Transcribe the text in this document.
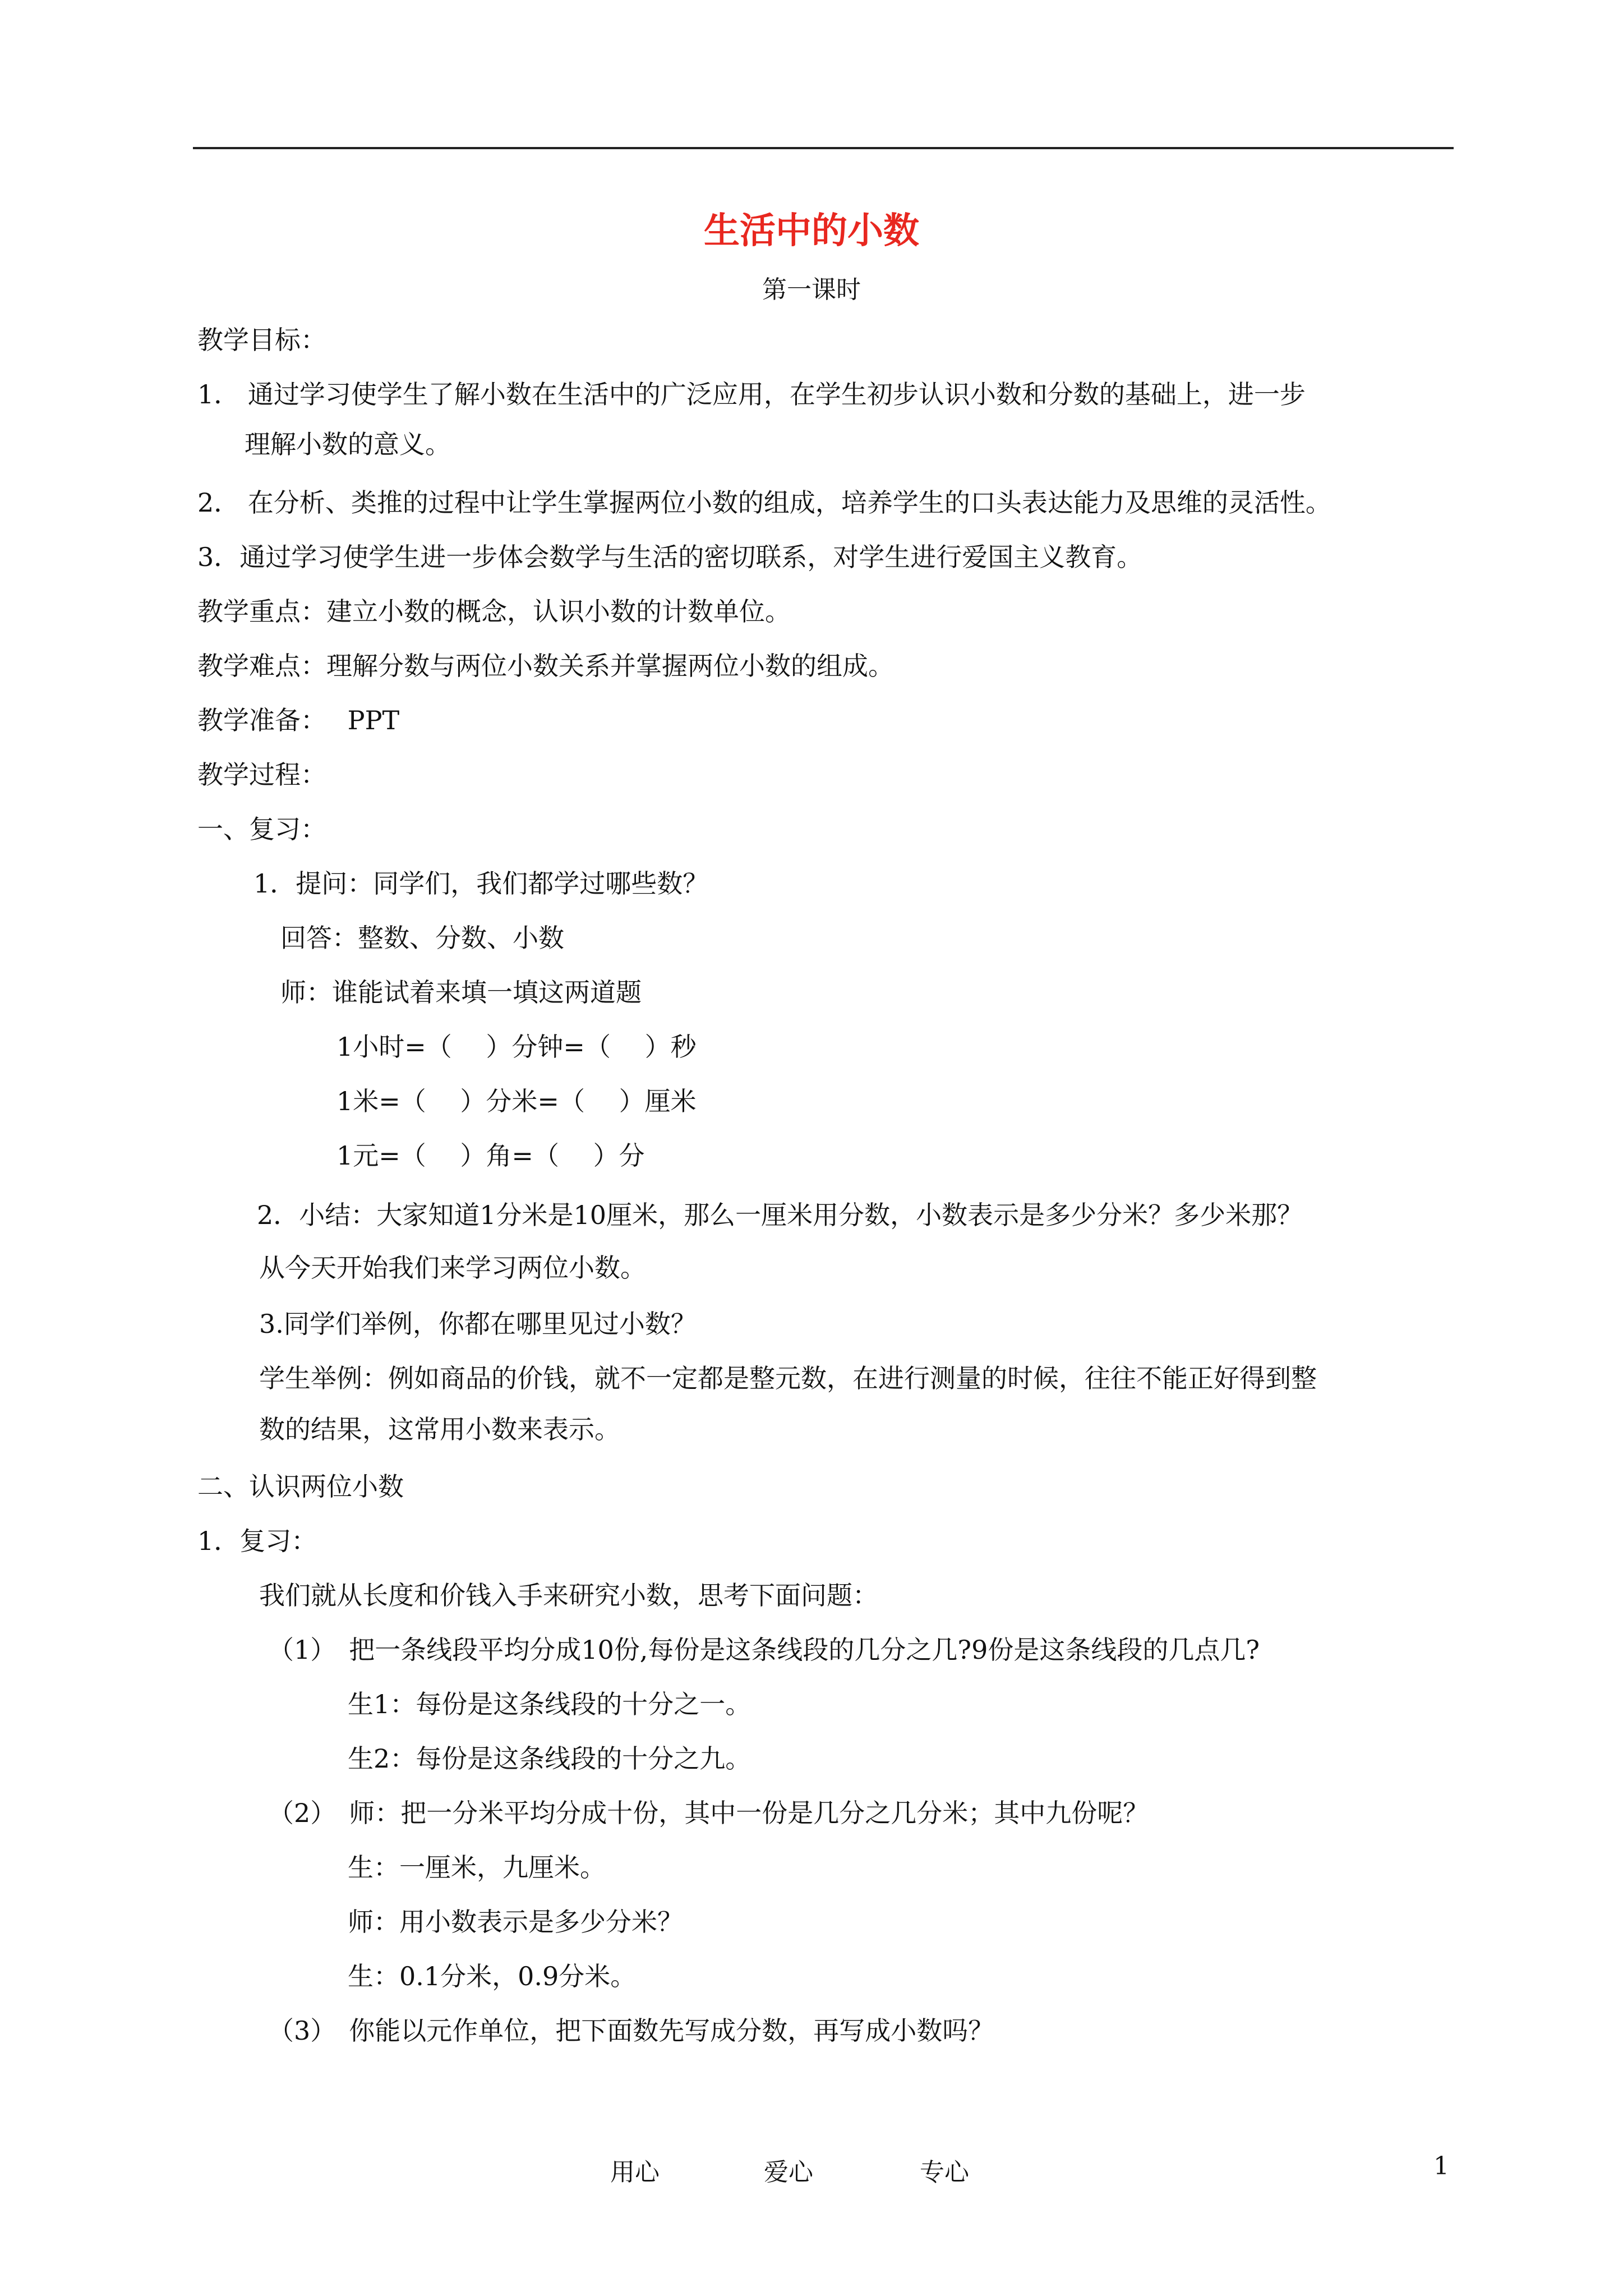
生活中的小数
第一课时
教学目标：
1． 通过学习使学生了解小数在生活中的广泛应用，在学生初步认识小数和分数的基础上，进一步
理解小数的意义。
2． 在分析、类推的过程中让学生掌握两位小数的组成，培养学生的口头表达能力及思维的灵活性。
3．通过学习使学生进一步体会数学与生活的密切联系，对学生进行爱国主义教育。
教学重点：建立小数的概念，认识小数的计数单位。
教学难点：理解分数与两位小数关系并掌握两位小数的组成。
教学准备：　 PPT
教学过程：
一、复习：
1．提问：同学们，我们都学过哪些数？
回答：整数、分数、小数
师：谁能试着来填一填这两道题
1小时=（　 ）分钟=（　 ）秒
1米=（　 ）分米=（　 ）厘米
1元=（　 ）角=（　 ）分
2．小结：大家知道1分米是10厘米，那么一厘米用分数，小数表示是多少分米？多少米那？
从今天开始我们来学习两位小数。
3.同学们举例，你都在哪里见过小数？
学生举例：例如商品的价钱，就不一定都是整元数，在进行测量的时候，往往不能正好得到整
数的结果，这常用小数来表示。
二、认识两位小数
1．复习：
我们就从长度和价钱入手来研究小数，思考下面问题：
（1）　把一条线段平均分成10份,每份是这条线段的几分之几?9份是这条线段的几点几?
生1：每份是这条线段的十分之一。
生2：每份是这条线段的十分之九。
（2）　师：把一分米平均分成十份，其中一份是几分之几分米；其中九份呢？
生：一厘米，九厘米。
师：用小数表示是多少分米？
生：0.1分米，0.9分米。
（3）　你能以元作单位，把下面数先写成分数，再写成小数吗？
用心	爱心	专心	1
